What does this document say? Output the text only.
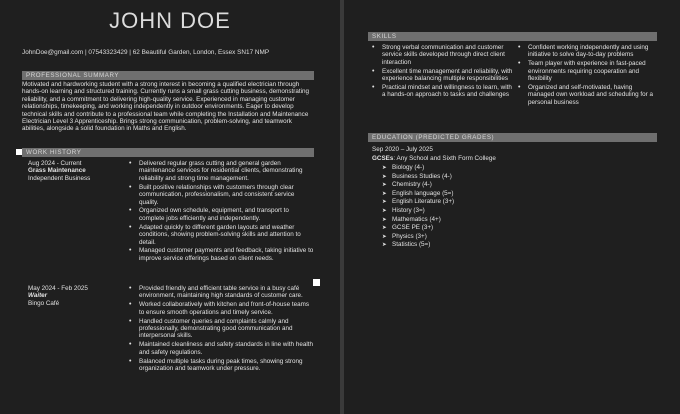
JOHN DOE
JohnDoe@gmail.com | 07543323429 | 62 Beautiful Garden, London, Essex SN17 NMP
PROFESSIONAL SUMMARY
Motivated and hardworking student with a strong interest in becoming a qualified electrician through hands-on learning and structured training. Currently runs a small grass cutting business, demonstrating reliability, and a commitment to delivering high-quality service. Experienced in managing customer relationships, timekeeping, and working independently in outdoor environments. Eager to develop technical skills and contribute to a professional team while completing the Installation and Maintenance Electrician Level 3 Apprenticeship. Brings strong communication, problem-solving, and teamwork abilities, alongside a solid foundation in Maths and English.
WORK HISTORY
Aug 2024 - Current
Grass Maintenance
Independent Business
• Delivered regular grass cutting and general garden maintenance services for residential clients, demonstrating reliability and strong time management.
• Built positive relationships with customers through clear communication, professionalism, and consistent service quality.
• Organized own schedule, equipment, and transport to complete jobs efficiently and independently.
• Adapted quickly to different garden layouts and weather conditions, showing problem-solving skills and attention to detail.
• Managed customer payments and feedback, taking initiative to improve service offerings based on client needs.
May 2024 - Feb 2025
Waiter
Bingo Café
• Provided friendly and efficient table service in a busy café environment, maintaining high standards of customer care.
• Worked collaboratively with kitchen and front-of-house teams to ensure smooth operations and timely service.
• Handled customer queries and complaints calmly and professionally, demonstrating good communication and interpersonal skills.
• Maintained cleanliness and safety standards in line with health and safety regulations.
• Balanced multiple tasks during peak times, showing strong organization and teamwork under pressure.
SKILLS
• Strong verbal communication and customer service skills developed through direct client interaction
• Excellent time management and reliability, with experience balancing multiple responsibilities
• Practical mindset and willingness to learn, with a hands-on approach to tasks and challenges
• Confident working independently and using initiative to solve day-to-day problems
• Team player with experience in fast-paced environments requiring cooperation and flexibility
• Organized and self-motivated, having managed own workload and scheduling for a personal business
EDUCATION (PREDICTED GRADES)
Sep 2020 – July 2025
GCSEs: Any School and Sixth Form College
➤ Biology (4-)
➤ Business Studies (4-)
➤ Chemistry (4-)
➤ English language (5=)
➤ English Literature (3+)
➤ History (3=)
➤ Mathematics (4+)
➤ GCSE PE (3+)
➤ Physics (3+)
➤ Statistics (5=)
